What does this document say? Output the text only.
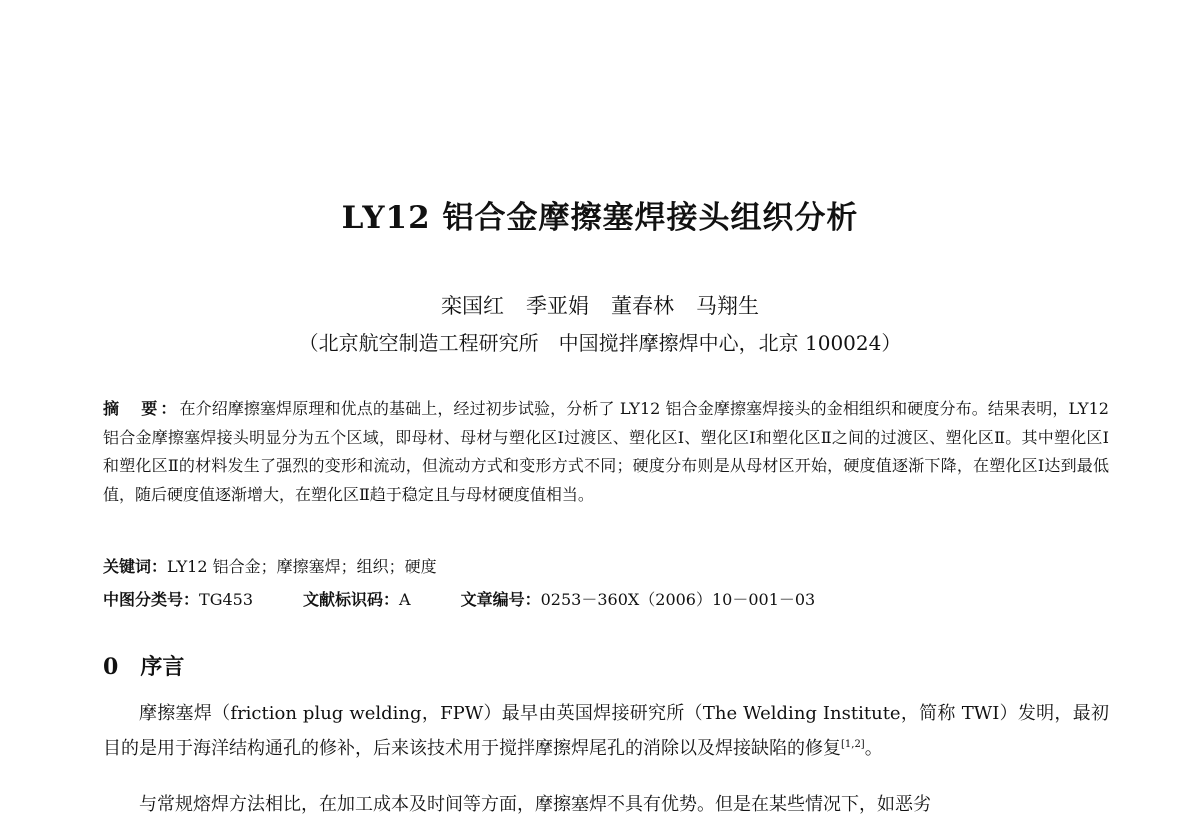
LY12 铝合金摩擦塞焊接头组织分析
栾国红 季亚娟 董春林 马翔生
（北京航空制造工程研究所　中国搅拌摩擦焊中心，北京 100024）
摘　要：在介绍摩擦塞焊原理和优点的基础上，经过初步试验，分析了 LY12 铝合金摩擦塞焊接头的金相组织和硬度分布。结果表明，LY12 铝合金摩擦塞焊接头明显分为五个区域，即母材、母材与塑化区Ⅰ过渡区、塑化区Ⅰ、塑化区Ⅰ和塑化区Ⅱ之间的过渡区、塑化区Ⅱ。其中塑化区Ⅰ和塑化区Ⅱ的材料发生了强烈的变形和流动，但流动方式和变形方式不同；硬度分布则是从母材区开始，硬度值逐渐下降，在塑化区Ⅰ达到最低值，随后硬度值逐渐增大，在塑化区Ⅱ趋于稳定且与母材硬度值相当。
关键词：LY12 铝合金；摩擦塞焊；组织；硬度
中图分类号：TG453	文献标识码：A	文章编号：0253－360X（2006）10－001－03
0 序言
摩擦塞焊（friction plug welding，FPW）最早由英国焊接研究所（The Welding Institute，简称 TWI）发明，最初目的是用于海洋结构通孔的修补，后来该技术用于搅拌摩擦焊尾孔的消除以及焊接缺陷的修复[1,2]。
与常规熔焊方法相比，在加工成本及时间等方面，摩擦塞焊不具有优势。但是在某些情况下，如恶劣
